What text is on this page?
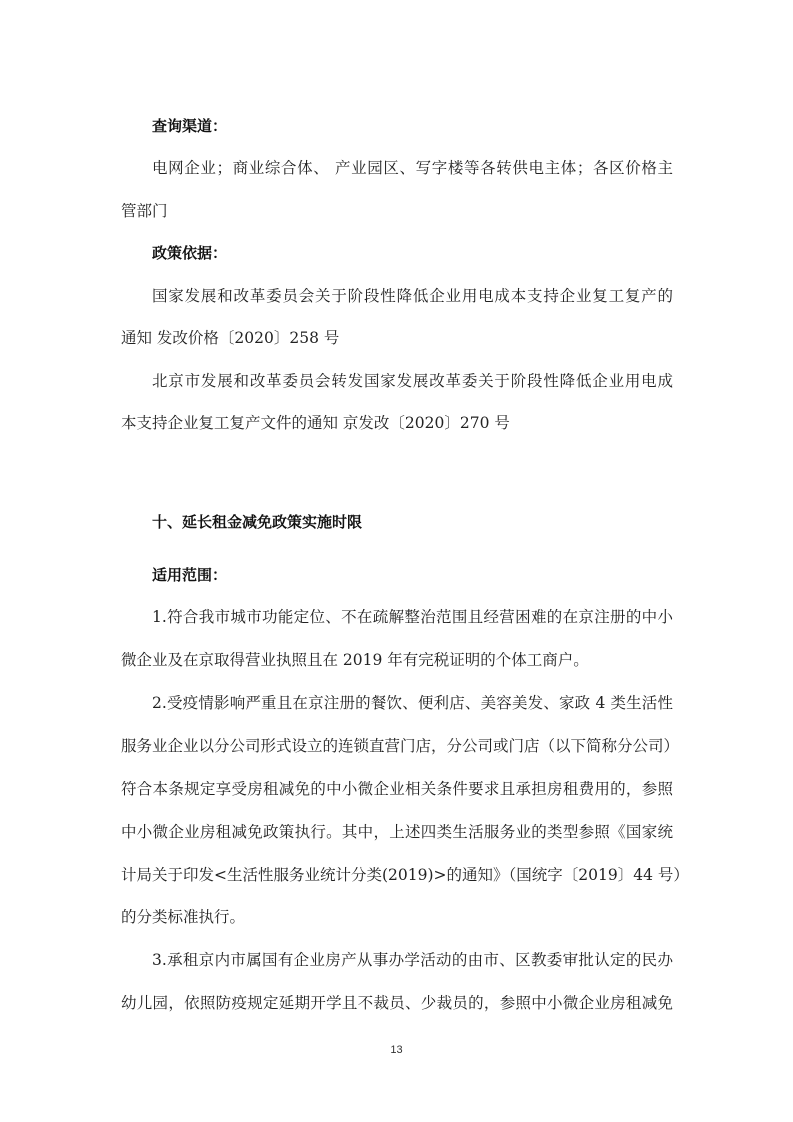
查询渠道：
电网企业；商业综合体、 产业园区、写字楼等各转供电主体；各区价格主
管部门
政策依据：
国家发展和改革委员会关于阶段性降低企业用电成本支持企业复工复产的
通知 发改价格〔2020〕258 号
北京市发展和改革委员会转发国家发展改革委关于阶段性降低企业用电成
本支持企业复工复产文件的通知 京发改〔2020〕270 号
十、延长租金减免政策实施时限
适用范围：
1.符合我市城市功能定位、不在疏解整治范围且经营困难的在京注册的中小
微企业及在京取得营业执照且在 2019 年有完税证明的个体工商户。
2.受疫情影响严重且在京注册的餐饮、便利店、美容美发、家政 4 类生活性
服务业企业以分公司形式设立的连锁直营门店，分公司或门店（以下简称分公司）
符合本条规定享受房租减免的中小微企业相关条件要求且承担房租费用的，参照
中小微企业房租减免政策执行。其中，上述四类生活服务业的类型参照《国家统
计局关于印发<生活性服务业统计分类(2019)>的通知》（国统字〔2019〕44 号）
的分类标准执行。
3.承租京内市属国有企业房产从事办学活动的由市、区教委审批认定的民办
幼儿园，依照防疫规定延期开学且不裁员、少裁员的，参照中小微企业房租减免
13
